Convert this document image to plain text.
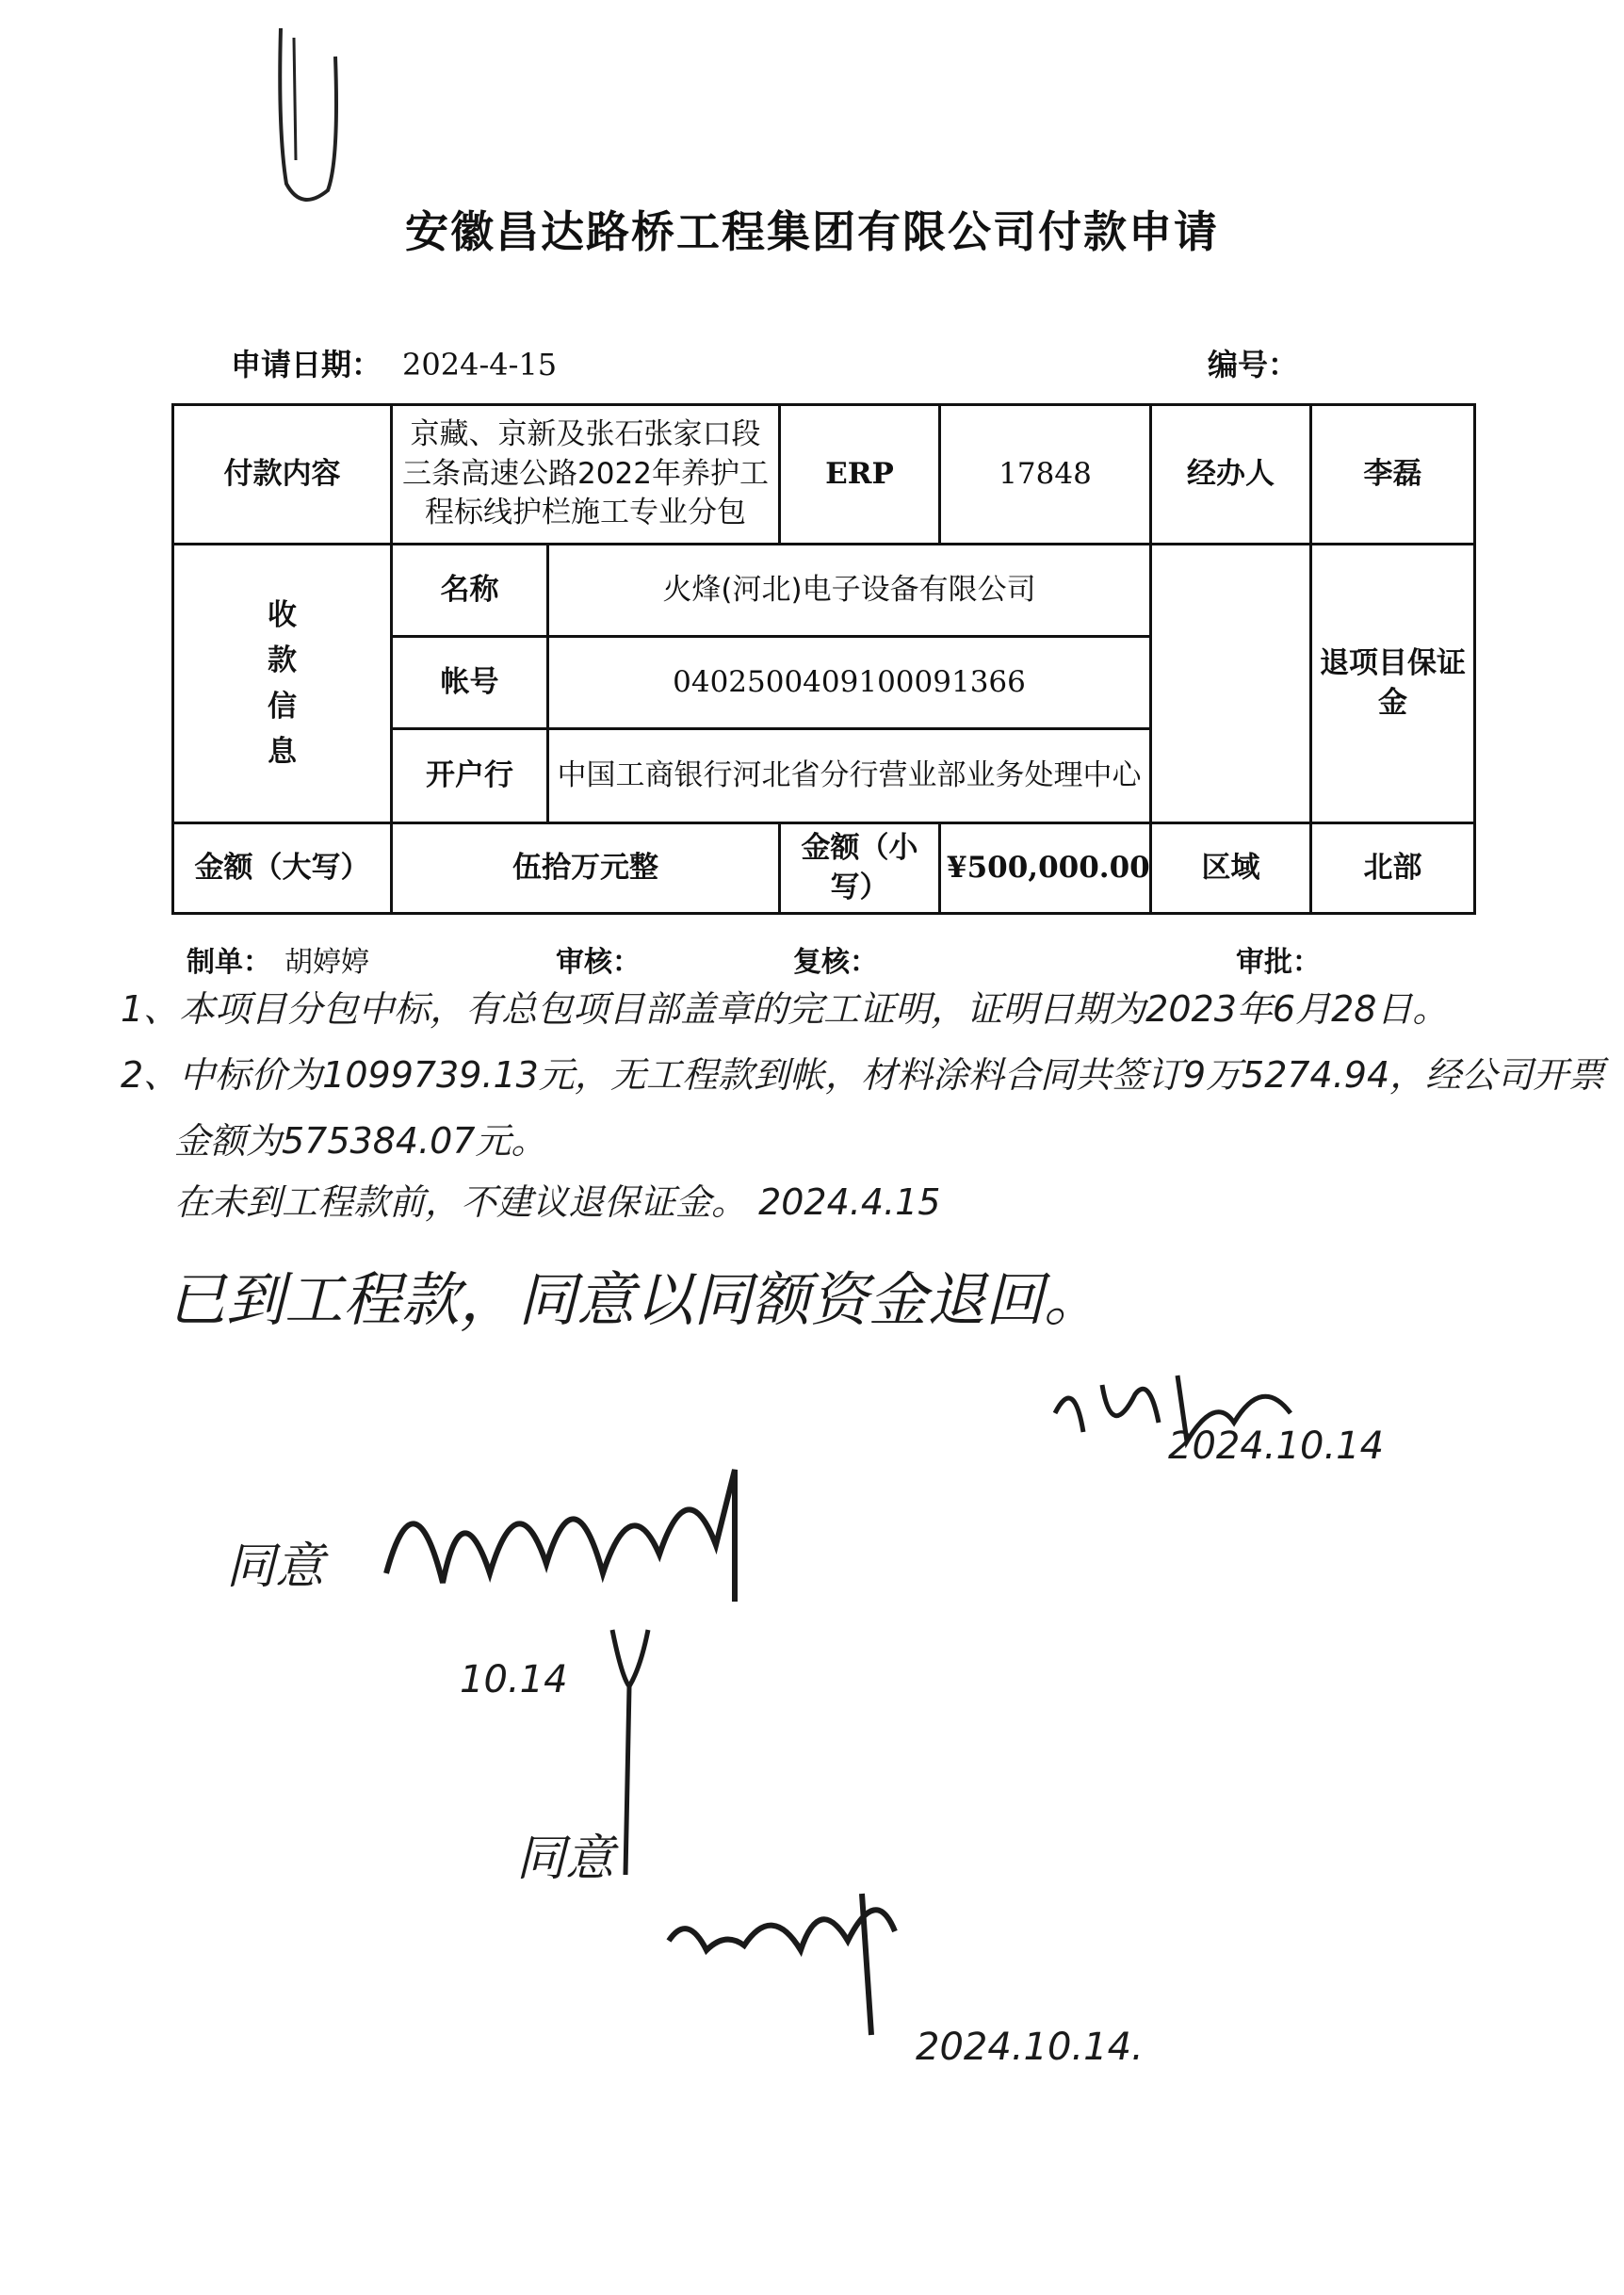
安徽昌达路桥工程集团有限公司付款申请
申请日期： 2024-4-15	编号：
付款内容	京藏、京新及张石张家口段三条高速公路2022年养护工程标线护栏施工专业分包		ERP	17848	经办人	李磊

收款信息	名称	火烽(河北)电子设备有限公司				退项目保证金
	帐号	0402500409100091366				
	开户行	中国工商银行河北省分行营业部业务处理中心				
金额（大写）	伍拾万元整		金额（小写）	¥500,000.00	区域	北部
制单： 胡婷婷	审核：	复核：	审批：
1、本项目分包中标，有总包项目部盖章的完工证明，证明日期为2023年6月28日。
2、中标价为1099739.13元，无工程款到帐，材料涂料合同共签订9万5274.94，经公司开票
金额为575384.07元。
在未到工程款前，不建议退保证金。 2024.4.15
已到工程款，同意以同额资金退回。
2024.10.14
同意
10.14
同意
2024.10.14.
